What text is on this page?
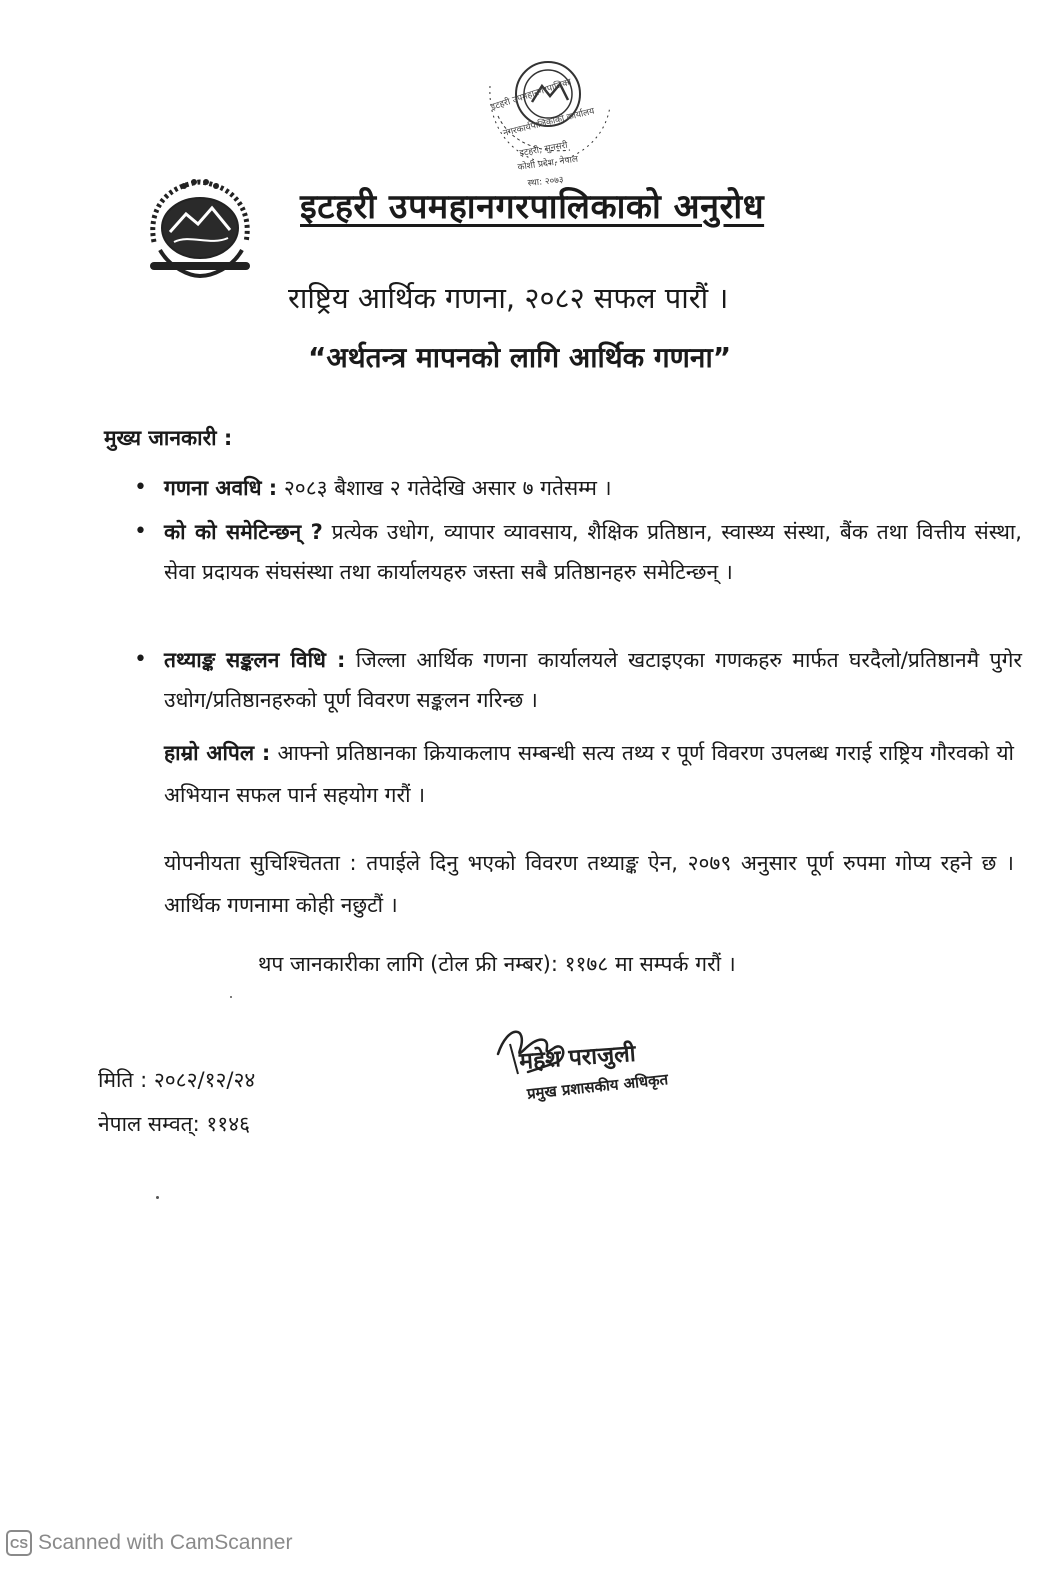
इटहरी उपमहानगरपालिका
नगरकार्यपालिकाको कार्यालय
इटहरी, सुनसरी
कोशी प्रदेश, नेपाल
स्था: २०७३
इटहरी उपमहानगरपालिकाको अनुरोध
राष्ट्रिय आर्थिक गणना, २०८२ सफल पारौं ।
“अर्थतन्त्र मापनको लागि आर्थिक गणना”
मुख्य जानकारी :
• गणना अवधि : २०८३ बैशाख २ गतेदेखि असार ७ गतेसम्म ।
• को को समेटिन्छन् ? प्रत्येक उधोग, व्यापार व्यावसाय, शैक्षिक प्रतिष्ठान, स्वास्थ्य संस्था, बैंक तथा वित्तीय संस्था, सेवा प्रदायक संघसंस्था तथा कार्यालयहरु जस्ता सबै प्रतिष्ठानहरु समेटिन्छन् ।
• तथ्याङ्क सङ्कलन विधि : जिल्ला आर्थिक गणना कार्यालयले खटाइएका गणकहरु मार्फत घरदैलो/प्रतिष्ठानमै पुगेर उधोग/प्रतिष्ठानहरुको पूर्ण विवरण सङ्कलन गरिन्छ ।
हाम्रो अपिल : आफ्नो प्रतिष्ठानका क्रियाकलाप सम्बन्धी सत्य तथ्य र पूर्ण विवरण उपलब्ध गराई राष्ट्रिय गौरवको यो अभियान सफल पार्न सहयोग गरौं ।
योपनीयता सुचिश्चितता : तपाईले दिनु भएको विवरण तथ्याङ्क ऐन, २०७९ अनुसार पूर्ण रुपमा गोप्य रहने छ । आर्थिक गणनामा कोही नछुटौं ।
थप जानकारीका लागि (टोल फ्री नम्बर): ११७८ मा सम्पर्क गरौं ।
महेश पराजुली
प्रमुख प्रशासकीय अधिकृत
मिति : २०८२/१२/२४
नेपाल सम्वत्: ११४६
CS Scanned with CamScanner
